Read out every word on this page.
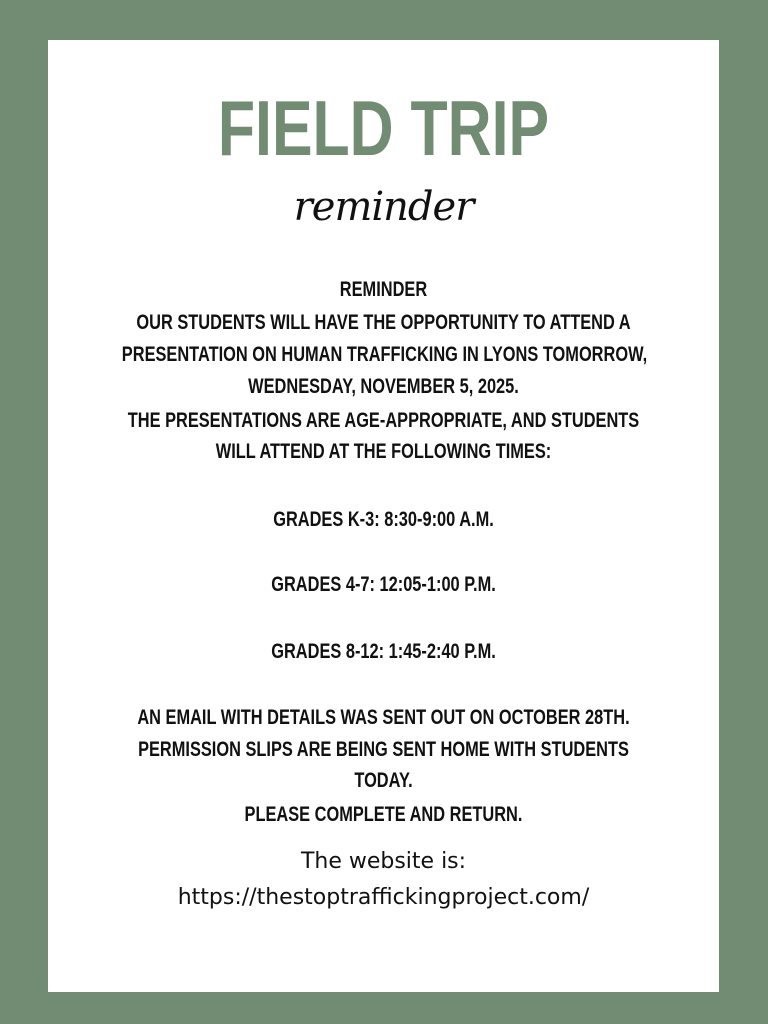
FIELD TRIP
reminder
REMINDER
OUR STUDENTS WILL HAVE THE OPPORTUNITY TO ATTEND A
PRESENTATION ON HUMAN TRAFFICKING IN LYONS TOMORROW,
WEDNESDAY, NOVEMBER 5, 2025.
THE PRESENTATIONS ARE AGE-APPROPRIATE, AND STUDENTS
WILL ATTEND AT THE FOLLOWING TIMES:
GRADES K-3: 8:30-9:00 A.M.
GRADES 4-7: 12:05-1:00 P.M.
GRADES 8-12: 1:45-2:40 P.M.
AN EMAIL WITH DETAILS WAS SENT OUT ON OCTOBER 28TH.
PERMISSION SLIPS ARE BEING SENT HOME WITH STUDENTS
TODAY.
PLEASE COMPLETE AND RETURN.
The website is:
https://thestoptraffickingproject.com/
